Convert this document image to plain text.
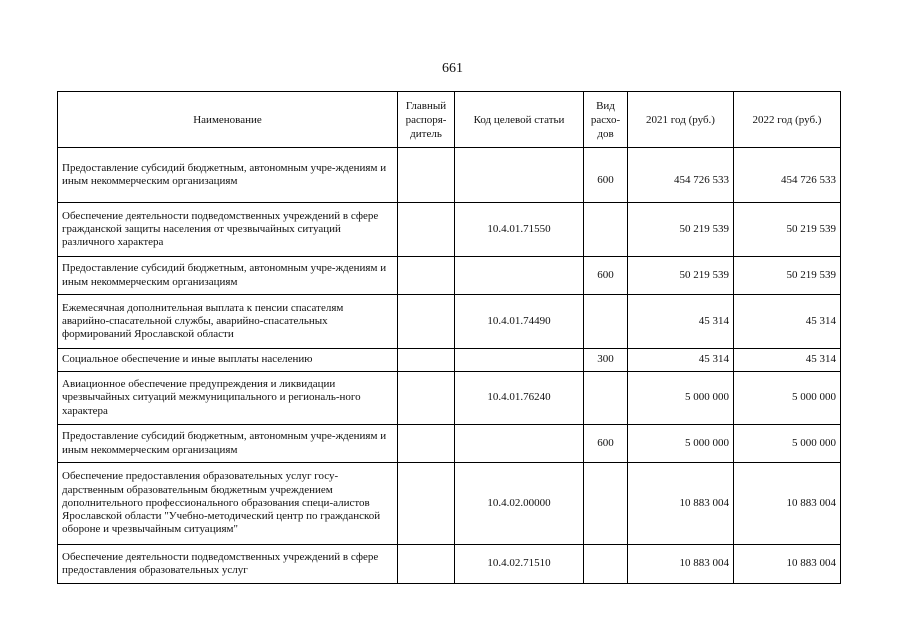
661
Наименование	Главный распоря-дитель	Код целевой статьи	Вид расхо-дов	2021 год (руб.)	2022 год (руб.)
Предоставление субсидий бюджетным, автономным учре-ждениям и иным некоммерческим организациям			600	454 726 533	454 726 533
Обеспечение деятельности подведомственных учреждений в сфере гражданской защиты населения от чрезвычайных ситуаций различного характера		10.4.01.71550		50 219 539	50 219 539
Предоставление субсидий бюджетным, автономным учре-ждениям и иным некоммерческим организациям			600	50 219 539	50 219 539
Ежемесячная дополнительная выплата к пенсии спасателям аварийно-спасательной службы, аварийно-спасательных формирований Ярославской области		10.4.01.74490		45 314	45 314
Социальное обеспечение и иные выплаты населению			300	45 314	45 314
Авиационное обеспечение предупреждения и ликвидации чрезвычайных ситуаций межмуниципального и региональ-ного характера		10.4.01.76240		5 000 000	5 000 000
Предоставление субсидий бюджетным, автономным учре-ждениям и иным некоммерческим организациям			600	5 000 000	5 000 000
Обеспечение предоставления образовательных услуг госу-дарственным образовательным бюджетным учреждением дополнительного профессионального образования специ-алистов Ярославской области "Учебно-методический центр по гражданской обороне и чрезвычайным ситуациям"		10.4.02.00000		10 883 004	10 883 004
Обеспечение деятельности подведомственных учреждений в сфере предоставления образовательных услуг		10.4.02.71510		10 883 004	10 883 004
